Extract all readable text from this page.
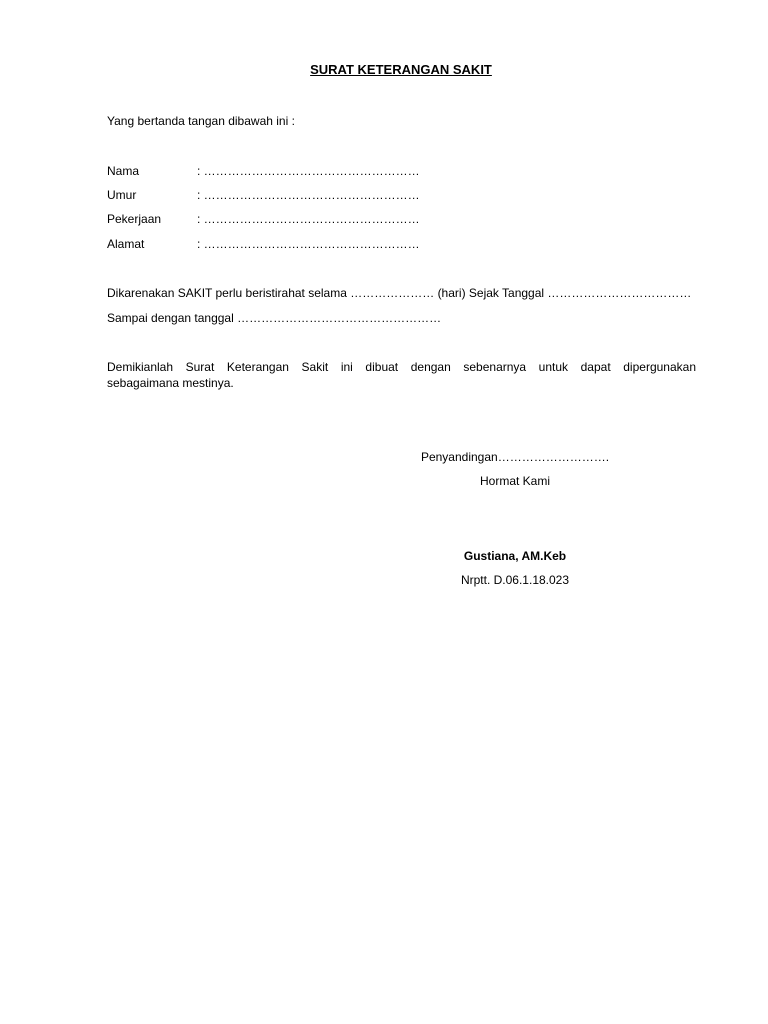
SURAT KETERANGAN SAKIT
Yang bertanda tangan dibawah ini :
Nama	: ………………………………………………
Umur	: ………………………………………………
Pekerjaan	: ………………………………………………
Alamat	: ………………………………………………
Dikarenakan SAKIT perlu beristirahat selama ………………… (hari) Sejak Tanggal ………………………………
Sampai dengan tanggal ……………………………………………
Demikianlah Surat Keterangan Sakit ini dibuat dengan sebenarnya untuk dapat dipergunakan
sebagaimana mestinya.
Penyandingan……………………….
Hormat Kami
Gustiana, AM.Keb
Nrptt. D.06.1.18.023
